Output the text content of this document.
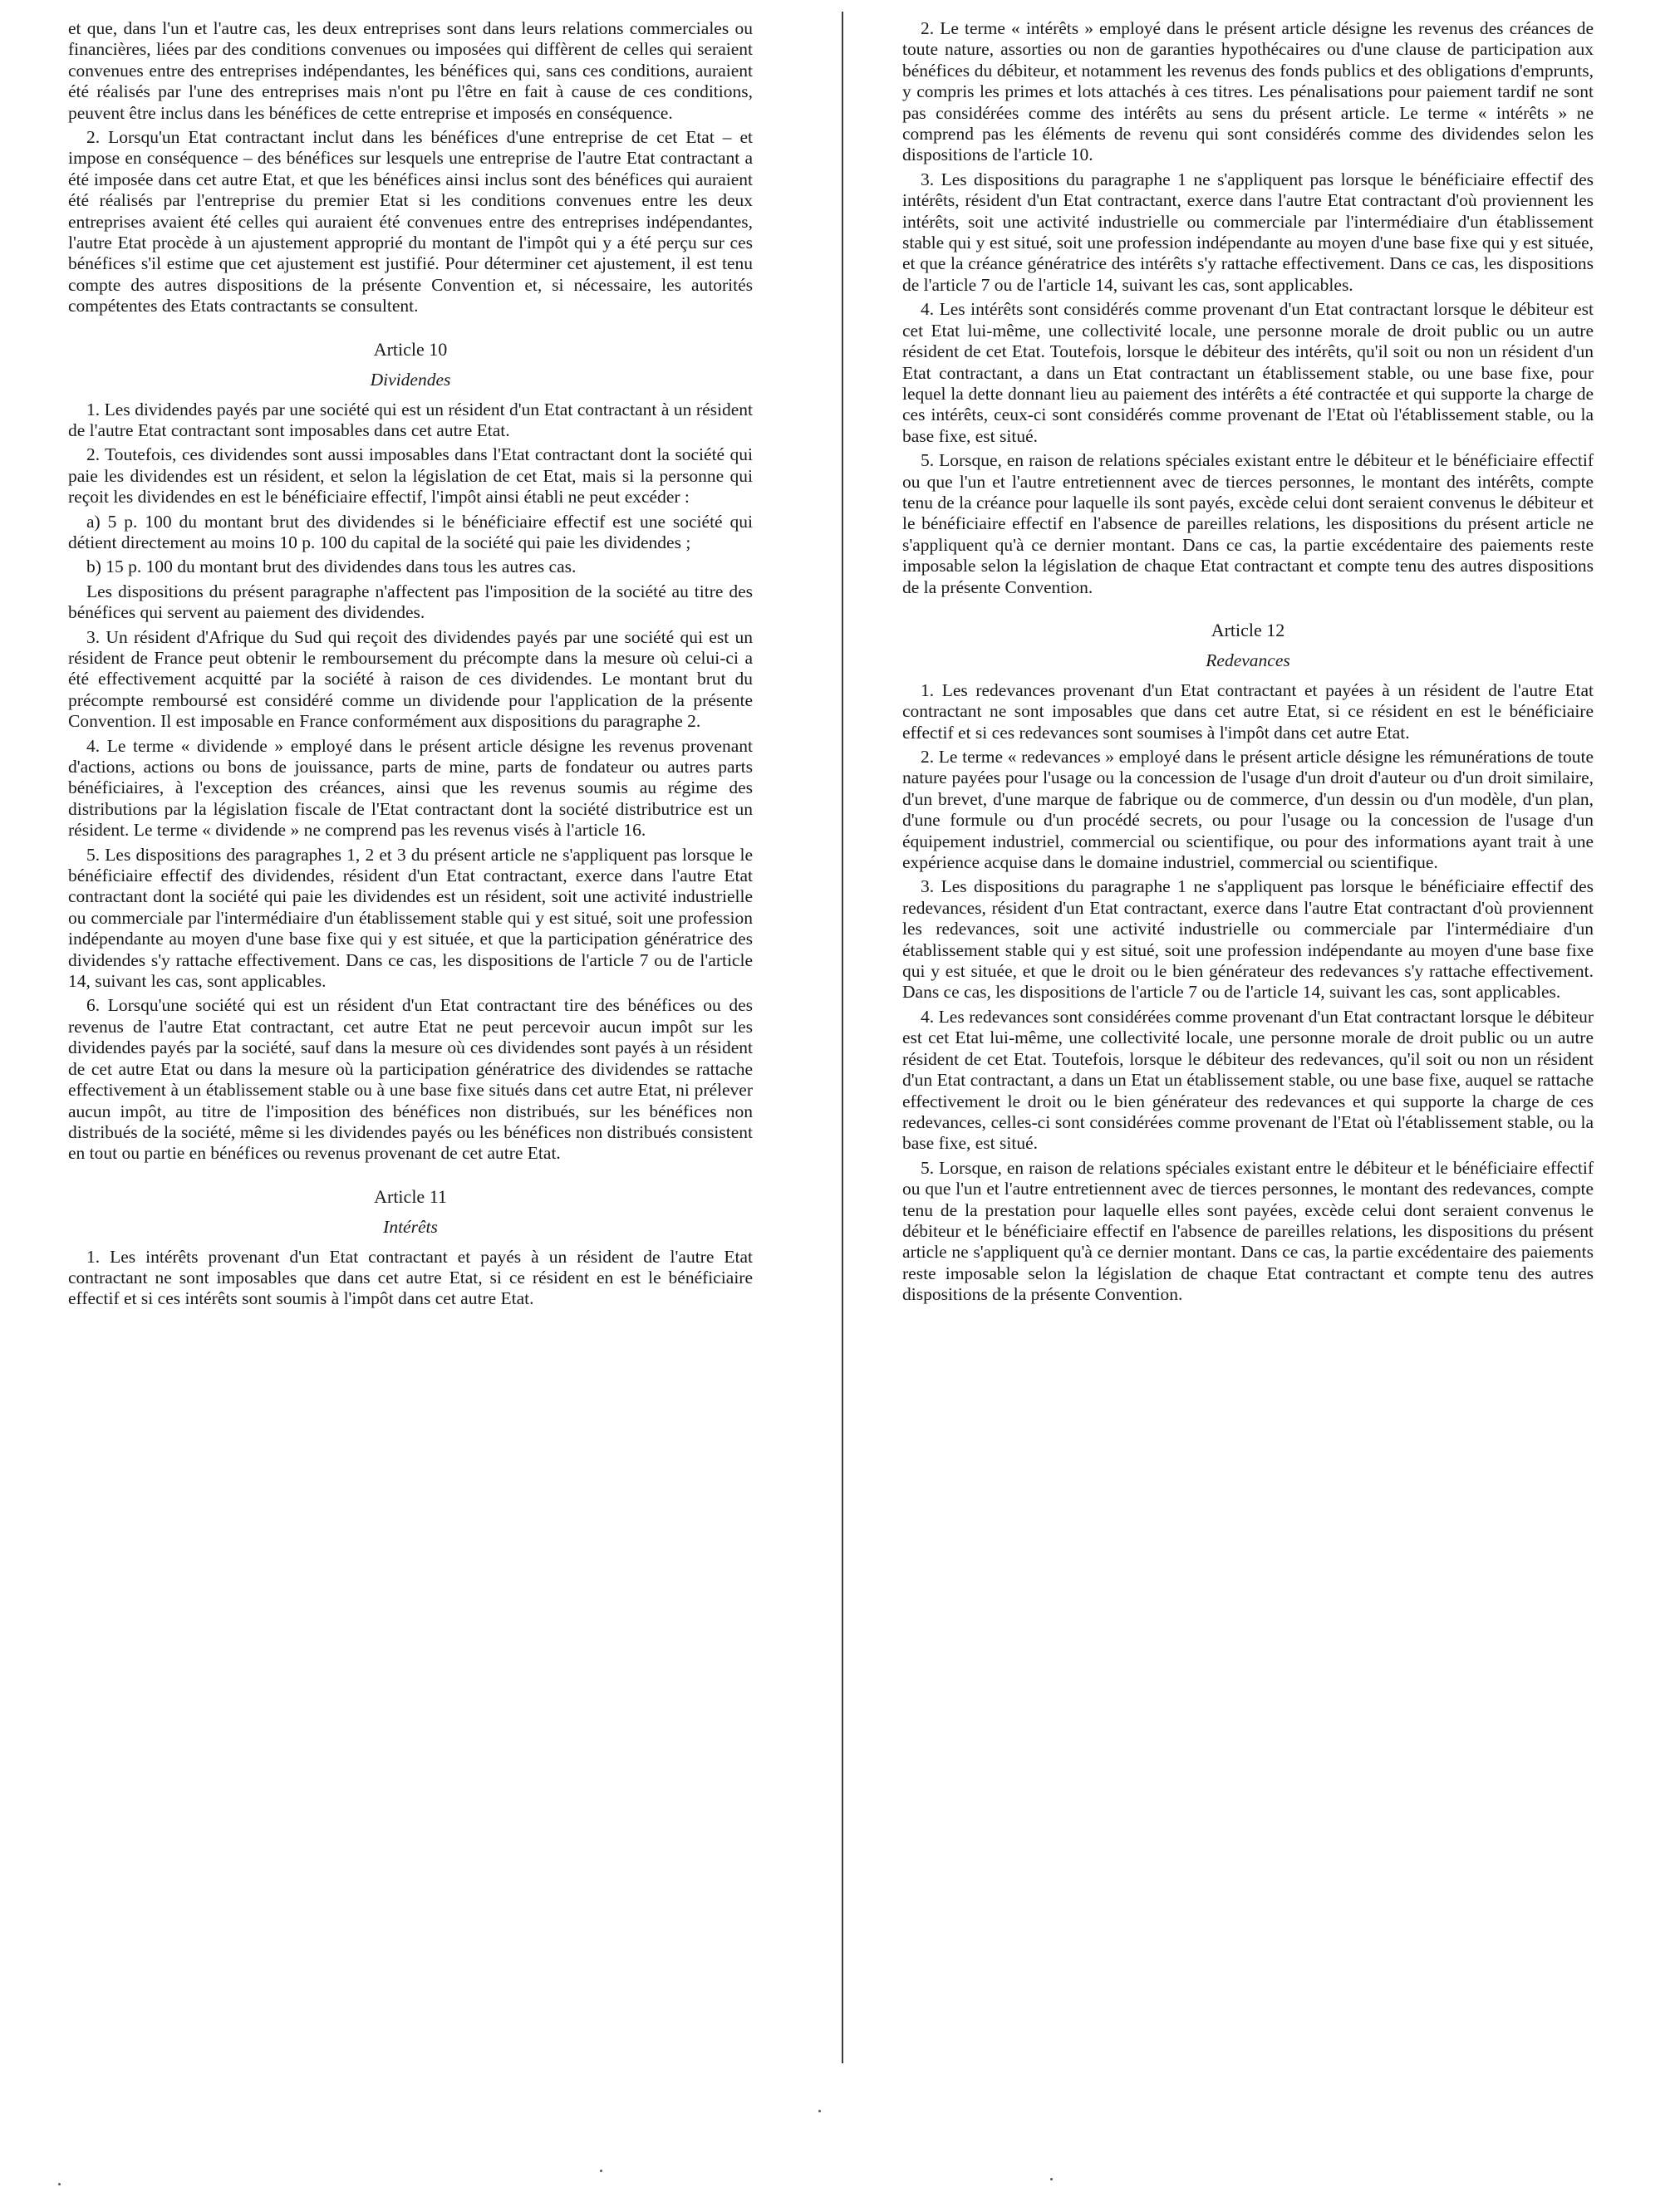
et que, dans l'un et l'autre cas, les deux entreprises sont dans leurs relations commerciales ou financières, liées par des conditions convenues ou imposées qui diffèrent de celles qui seraient convenues entre des entreprises indépendantes, les bénéfices qui, sans ces conditions, auraient été réalisés par l'une des entreprises mais n'ont pu l'être en fait à cause de ces conditions, peuvent être inclus dans les bénéfices de cette entreprise et imposés en conséquence.

2. Lorsqu'un Etat contractant inclut dans les bénéfices d'une entreprise de cet Etat – et impose en conséquence – des bénéfices sur lesquels une entreprise de l'autre Etat contractant a été imposée dans cet autre Etat, et que les bénéfices ainsi inclus sont des bénéfices qui auraient été réalisés par l'entreprise du premier Etat si les conditions convenues entre les deux entreprises avaient été celles qui auraient été convenues entre des entreprises indépendantes, l'autre Etat procède à un ajustement approprié du montant de l'impôt qui y a été perçu sur ces bénéfices s'il estime que cet ajustement est justifié. Pour déterminer cet ajustement, il est tenu compte des autres dispositions de la présente Convention et, si nécessaire, les autorités compétentes des Etats contractants se consultent.

Article 10
Dividendes

1. Les dividendes payés par une société qui est un résident d'un Etat contractant à un résident de l'autre Etat contractant sont imposables dans cet autre Etat.

2. Toutefois, ces dividendes sont aussi imposables dans l'Etat contractant dont la société qui paie les dividendes est un résident, et selon la législation de cet Etat, mais si la personne qui reçoit les dividendes en est le bénéficiaire effectif, l'impôt ainsi établi ne peut excéder :

a) 5 p. 100 du montant brut des dividendes si le bénéficiaire effectif est une société qui détient directement au moins 10 p. 100 du capital de la société qui paie les dividendes ;

b) 15 p. 100 du montant brut des dividendes dans tous les autres cas.

Les dispositions du présent paragraphe n'affectent pas l'imposition de la société au titre des bénéfices qui servent au paiement des dividendes.

3. Un résident d'Afrique du Sud qui reçoit des dividendes payés par une société qui est un résident de France peut obtenir le remboursement du précompte dans la mesure où celui-ci a été effectivement acquitté par la société à raison de ces dividendes. Le montant brut du précompte remboursé est considéré comme un dividende pour l'application de la présente Convention. Il est imposable en France conformément aux dispositions du paragraphe 2.

4. Le terme « dividende » employé dans le présent article désigne les revenus provenant d'actions, actions ou bons de jouissance, parts de mine, parts de fondateur ou autres parts bénéficiaires, à l'exception des créances, ainsi que les revenus soumis au régime des distributions par la législation fiscale de l'Etat contractant dont la société distributrice est un résident. Le terme « dividende » ne comprend pas les revenus visés à l'article 16.

5. Les dispositions des paragraphes 1, 2 et 3 du présent article ne s'appliquent pas lorsque le bénéficiaire effectif des dividendes, résident d'un Etat contractant, exerce dans l'autre Etat contractant dont la société qui paie les dividendes est un résident, soit une activité industrielle ou commerciale par l'intermédiaire d'un établissement stable qui y est situé, soit une profession indépendante au moyen d'une base fixe qui y est située, et que la participation génératrice des dividendes s'y rattache effectivement. Dans ce cas, les dispositions de l'article 7 ou de l'article 14, suivant les cas, sont applicables.

6. Lorsqu'une société qui est un résident d'un Etat contractant tire des bénéfices ou des revenus de l'autre Etat contractant, cet autre Etat ne peut percevoir aucun impôt sur les dividendes payés par la société, sauf dans la mesure où ces dividendes sont payés à un résident de cet autre Etat ou dans la mesure où la participation génératrice des dividendes se rattache effectivement à un établissement stable ou à une base fixe situés dans cet autre Etat, ni prélever aucun impôt, au titre de l'imposition des bénéfices non distribués, sur les bénéfices non distribués de la société, même si les dividendes payés ou les bénéfices non distribués consistent en tout ou partie en bénéfices ou revenus provenant de cet autre Etat.

Article 11
Intérêts

1. Les intérêts provenant d'un Etat contractant et payés à un résident de l'autre Etat contractant ne sont imposables que dans cet autre Etat, si ce résident en est le bénéficiaire effectif et si ces intérêts sont soumis à l'impôt dans cet autre Etat.

2. Le terme « intérêts » employé dans le présent article désigne les revenus des créances de toute nature, assorties ou non de garanties hypothécaires ou d'une clause de participation aux bénéfices du débiteur, et notamment les revenus des fonds publics et des obligations d'emprunts, y compris les primes et lots attachés à ces titres. Les pénalisations pour paiement tardif ne sont pas considérées comme des intérêts au sens du présent article. Le terme « intérêts » ne comprend pas les éléments de revenu qui sont considérés comme des dividendes selon les dispositions de l'article 10.

3. Les dispositions du paragraphe 1 ne s'appliquent pas lorsque le bénéficiaire effectif des intérêts, résident d'un Etat contractant, exerce dans l'autre Etat contractant d'où proviennent les intérêts, soit une activité industrielle ou commerciale par l'intermédiaire d'un établissement stable qui y est situé, soit une profession indépendante au moyen d'une base fixe qui y est située, et que la créance génératrice des intérêts s'y rattache effectivement. Dans ce cas, les dispositions de l'article 7 ou de l'article 14, suivant les cas, sont applicables.

4. Les intérêts sont considérés comme provenant d'un Etat contractant lorsque le débiteur est cet Etat lui-même, une collectivité locale, une personne morale de droit public ou un autre résident de cet Etat. Toutefois, lorsque le débiteur des intérêts, qu'il soit ou non un résident d'un Etat contractant, a dans un Etat contractant un établissement stable, ou une base fixe, pour lequel la dette donnant lieu au paiement des intérêts a été contractée et qui supporte la charge de ces intérêts, ceux-ci sont considérés comme provenant de l'Etat où l'établissement stable, ou la base fixe, est situé.

5. Lorsque, en raison de relations spéciales existant entre le débiteur et le bénéficiaire effectif ou que l'un et l'autre entretiennent avec de tierces personnes, le montant des intérêts, compte tenu de la créance pour laquelle ils sont payés, excède celui dont seraient convenus le débiteur et le bénéficiaire effectif en l'absence de pareilles relations, les dispositions du présent article ne s'appliquent qu'à ce dernier montant. Dans ce cas, la partie excédentaire des paiements reste imposable selon la législation de chaque Etat contractant et compte tenu des autres dispositions de la présente Convention.

Article 12
Redevances

1. Les redevances provenant d'un Etat contractant et payées à un résident de l'autre Etat contractant ne sont imposables que dans cet autre Etat, si ce résident en est le bénéficiaire effectif et si ces redevances sont soumises à l'impôt dans cet autre Etat.

2. Le terme « redevances » employé dans le présent article désigne les rémunérations de toute nature payées pour l'usage ou la concession de l'usage d'un droit d'auteur ou d'un droit similaire, d'un brevet, d'une marque de fabrique ou de commerce, d'un dessin ou d'un modèle, d'un plan, d'une formule ou d'un procédé secrets, ou pour l'usage ou la concession de l'usage d'un équipement industriel, commercial ou scientifique, ou pour des informations ayant trait à une expérience acquise dans le domaine industriel, commercial ou scientifique.

3. Les dispositions du paragraphe 1 ne s'appliquent pas lorsque le bénéficiaire effectif des redevances, résident d'un Etat contractant, exerce dans l'autre Etat contractant d'où proviennent les redevances, soit une activité industrielle ou commerciale par l'intermédiaire d'un établissement stable qui y est situé, soit une profession indépendante au moyen d'une base fixe qui y est située, et que le droit ou le bien générateur des redevances s'y rattache effectivement. Dans ce cas, les dispositions de l'article 7 ou de l'article 14, suivant les cas, sont applicables.

4. Les redevances sont considérées comme provenant d'un Etat contractant lorsque le débiteur est cet Etat lui-même, une collectivité locale, une personne morale de droit public ou un autre résident de cet Etat. Toutefois, lorsque le débiteur des redevances, qu'il soit ou non un résident d'un Etat contractant, a dans un Etat un établissement stable, ou une base fixe, auquel se rattache effectivement le droit ou le bien générateur des redevances et qui supporte la charge de ces redevances, celles-ci sont considérées comme provenant de l'Etat où l'établissement stable, ou la base fixe, est situé.

5. Lorsque, en raison de relations spéciales existant entre le débiteur et le bénéficiaire effectif ou que l'un et l'autre entretiennent avec de tierces personnes, le montant des redevances, compte tenu de la prestation pour laquelle elles sont payées, excède celui dont seraient convenus le débiteur et le bénéficiaire effectif en l'absence de pareilles relations, les dispositions du présent article ne s'appliquent qu'à ce dernier montant. Dans ce cas, la partie excédentaire des paiements reste imposable selon la législation de chaque Etat contractant et compte tenu des autres dispositions de la présente Convention.
